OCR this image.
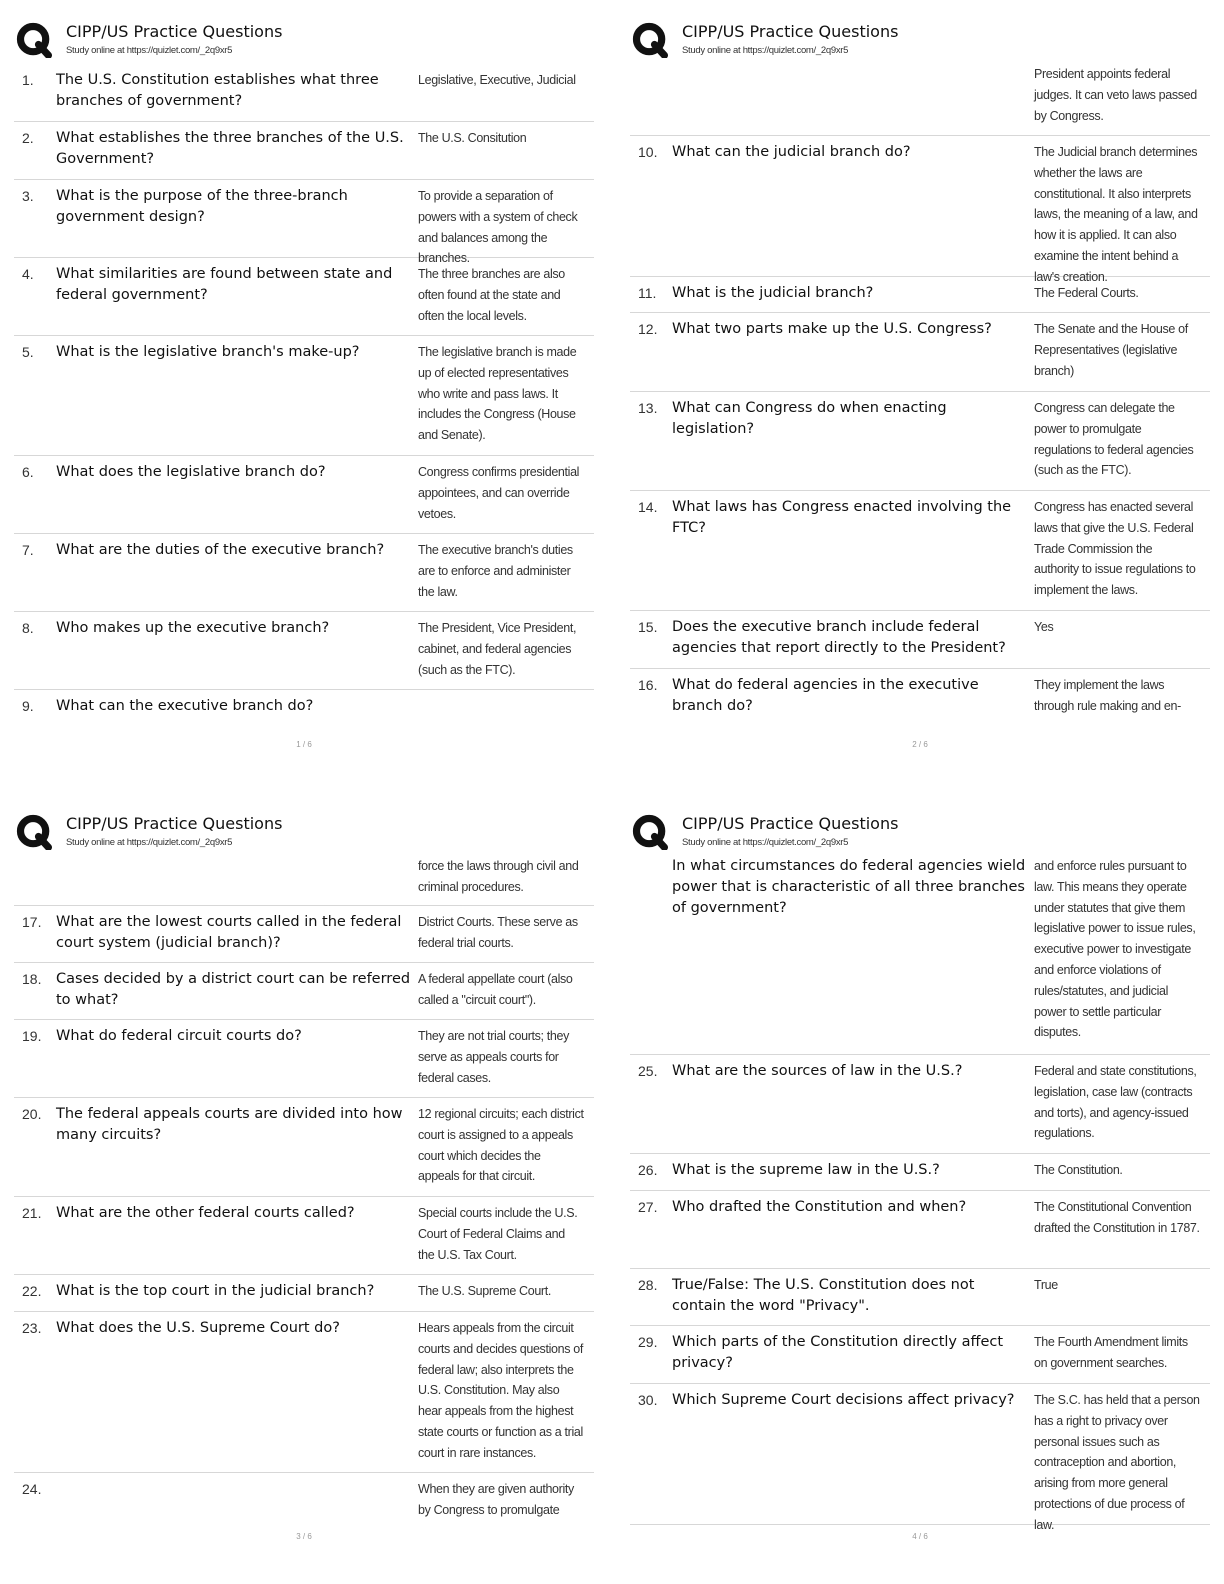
CIPP/US Practice Questions
Study online at https://quizlet.com/_2q9xr5
1.	The U.S. Constitution establishes what three branches of government?
Legislative, Executive, Judicial
2.	What establishes the three branches of the U.S. Government?
The U.S. Consitution
3.	What is the purpose of the three-branch government design?
To provide a separation of powers with a system of check and balances among the branches.
4.	What similarities are found between state and federal government?
The three branches are also often found at the state and often the local levels.
5.	What is the legislative branch's make-up?	The legislative branch is made up of elected representatives who write and pass laws. It includes the Congress (House and Senate).
6.	What does the legislative branch do?	Congress confirms presidential appointees, and can override vetoes.
7.	What are the duties of the executive branch?	The executive branch's duties are to enforce and administer the law.
8.	Who makes up the executive branch?	The President, Vice President, cabinet, and federal agencies (such as the FTC).
9.	What can the executive branch do?
1 / 6
CIPP/US Practice Questions
Study online at https://quizlet.com/_2q9xr5
President appoints federal judges. It can veto laws passed by Congress.
10.	What can the judicial branch do?	The Judicial branch determines whether the laws are constitutional. It also interprets laws, the meaning of a law, and how it is applied. It can also examine the intent behind a law's creation.
11.	What is the judicial branch?	The Federal Courts.
12.	What two parts make up the U.S. Congress?	The Senate and the House of Representatives (legislative branch)
13.	What can Congress do when enacting legislation?
Congress can delegate the power to promulgate regulations to federal agencies (such as the FTC).
14.	What laws has Congress enacted involving the FTC?
Congress has enacted several laws that give the U.S. Federal Trade Commission the authority to issue regulations to implement the laws.
15.	Does the executive branch include federal agencies that report directly to the President?
Yes
16.	What do federal agencies in the executive branch do?
They implement the laws through rule making and en-
2 / 6
CIPP/US Practice Questions
Study online at https://quizlet.com/_2q9xr5
force the laws through civil and criminal procedures.
17.	What are the lowest courts called in the federal court system (judicial branch)?
District Courts. These serve as federal trial courts.
18.	Cases decided by a district court can be referred to what?
A federal appellate court (also called a "circuit court").
19.	What do federal circuit courts do?	They are not trial courts; they serve as appeals courts for federal cases.
20.	The federal appeals courts are divided into how many circuits?
12 regional circuits; each district court is assigned to a appeals court which decides the appeals for that circuit.
21.	What are the other federal courts called?	Special courts include the U.S. Court of Federal Claims and the U.S. Tax Court.
22.	What is the top court in the judicial branch?	The U.S. Supreme Court.
23.	What does the U.S. Supreme Court do?	Hears appeals from the circuit courts and decides questions of federal law; also interprets the U.S. Constitution. May also hear appeals from the highest state courts or function as a trial court in rare instances.
24.	When they are given authority by Congress to promulgate
3 / 6
CIPP/US Practice Questions
Study online at https://quizlet.com/_2q9xr5
In what circumstances do federal agencies wield power that is characteristic of all three branches of government?
and enforce rules pursuant to law. This means they operate under statutes that give them legislative power to issue rules, executive power to investigate and enforce violations of rules/statutes, and judicial power to settle particular disputes.
25.	What are the sources of law in the U.S.?	Federal and state constitutions, legislation, case law (contracts and torts), and agency-issued regulations.
26.	What is the supreme law in the U.S.?	The Constitution.
27.	Who drafted the Constitution and when?	The Constitutional Convention drafted the Constitution in 1787.
28.	True/False: The U.S. Constitution does not contain the word "Privacy".
True
29.	Which parts of the Constitution directly affect privacy?
The Fourth Amendment limits on government searches.
30.	Which Supreme Court decisions affect privacy?	The S.C. has held that a person has a right to privacy over personal issues such as contraception and abortion, arising from more general protections of due process of law.
4 / 6
